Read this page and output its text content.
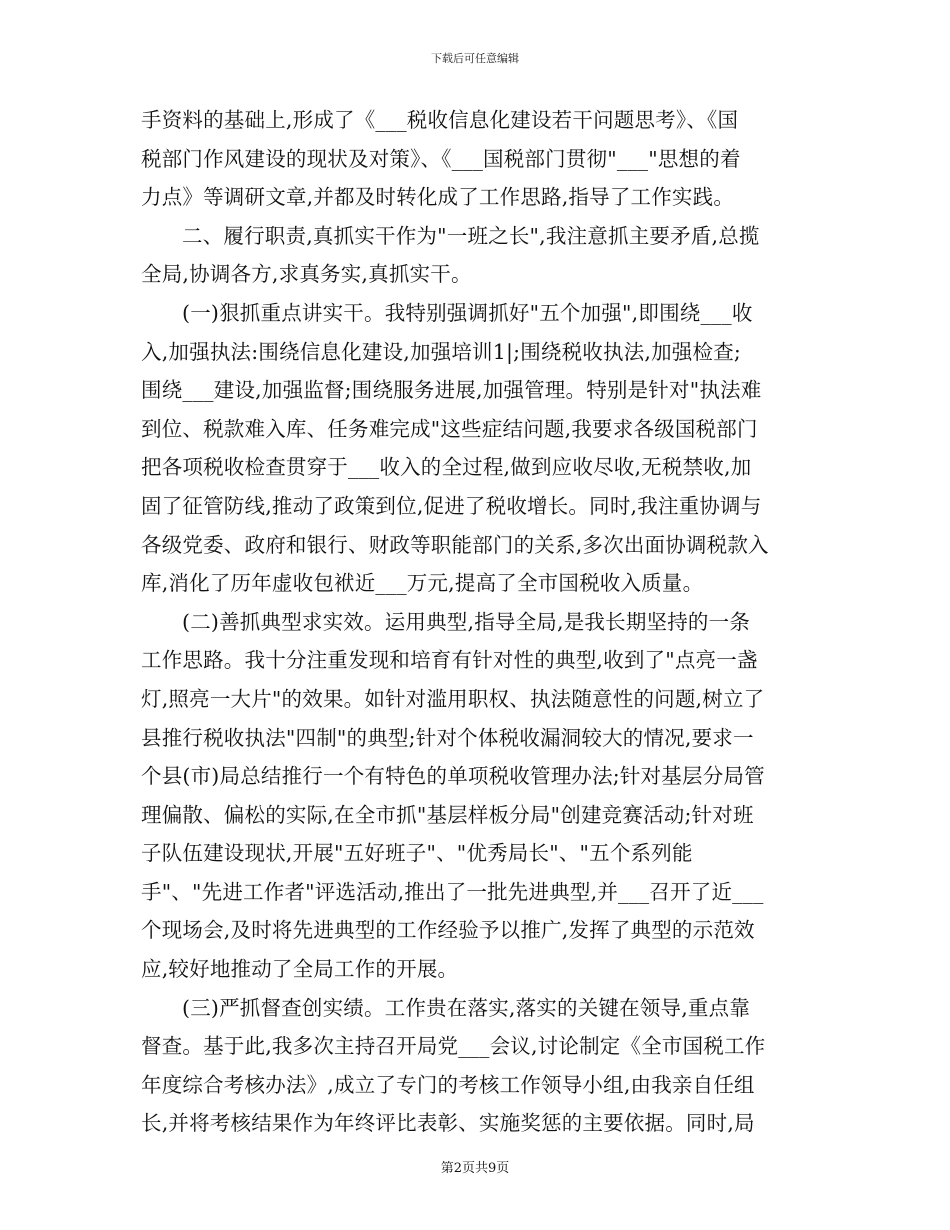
下载后可任意编辑
手资料的基础上,形成了《___税收信息化建设若干问题思考》、《国
税部门作风建设的现状及对策》、《___国税部门贯彻"___"思想的着
力点》等调研文章,并都及时转化成了工作思路,指导了工作实践。
二、履行职责,真抓实干作为"一班之长",我注意抓主要矛盾,总揽
全局,协调各方,求真务实,真抓实干。
(一)狠抓重点讲实干。我特别强调抓好"五个加强",即围绕___收
入,加强执法:围绕信息化建设,加强培训1|;围绕税收执法,加强检查;
围绕___建设,加强监督;围绕服务进展,加强管理。特别是针对"执法难
到位、税款难入库、任务难完成"这些症结问题,我要求各级国税部门
把各项税收检查贯穿于___收入的全过程,做到应收尽收,无税禁收,加
固了征管防线,推动了政策到位,促进了税收增长。同时,我注重协调与
各级党委、政府和银行、财政等职能部门的关系,多次出面协调税款入
库,消化了历年虚收包袱近___万元,提高了全市国税收入质量。
(二)善抓典型求实效。运用典型,指导全局,是我长期坚持的一条
工作思路。我十分注重发现和培育有针对性的典型,收到了"点亮一盏
灯,照亮一大片"的效果。如针对滥用职权、执法随意性的问题,树立了
县推行税收执法"四制"的典型;针对个体税收漏洞较大的情况,要求一
个县(市)局总结推行一个有特色的单项税收管理办法;针对基层分局管
理偏散、偏松的实际,在全市抓"基层样板分局"创建竞赛活动;针对班
子队伍建设现状,开展"五好班子"、"优秀局长"、"五个系列能
手"、"先进工作者"评选活动,推出了一批先进典型,并___召开了近___
个现场会,及时将先进典型的工作经验予以推广,发挥了典型的示范效
应,较好地推动了全局工作的开展。
(三)严抓督查创实绩。工作贵在落实,落实的关键在领导,重点靠
督查。基于此,我多次主持召开局党___会议,讨论制定《全市国税工作
年度综合考核办法》,成立了专门的考核工作领导小组,由我亲自任组
长,并将考核结果作为年终评比表彰、实施奖惩的主要依据。同时,局
第2页共9页
